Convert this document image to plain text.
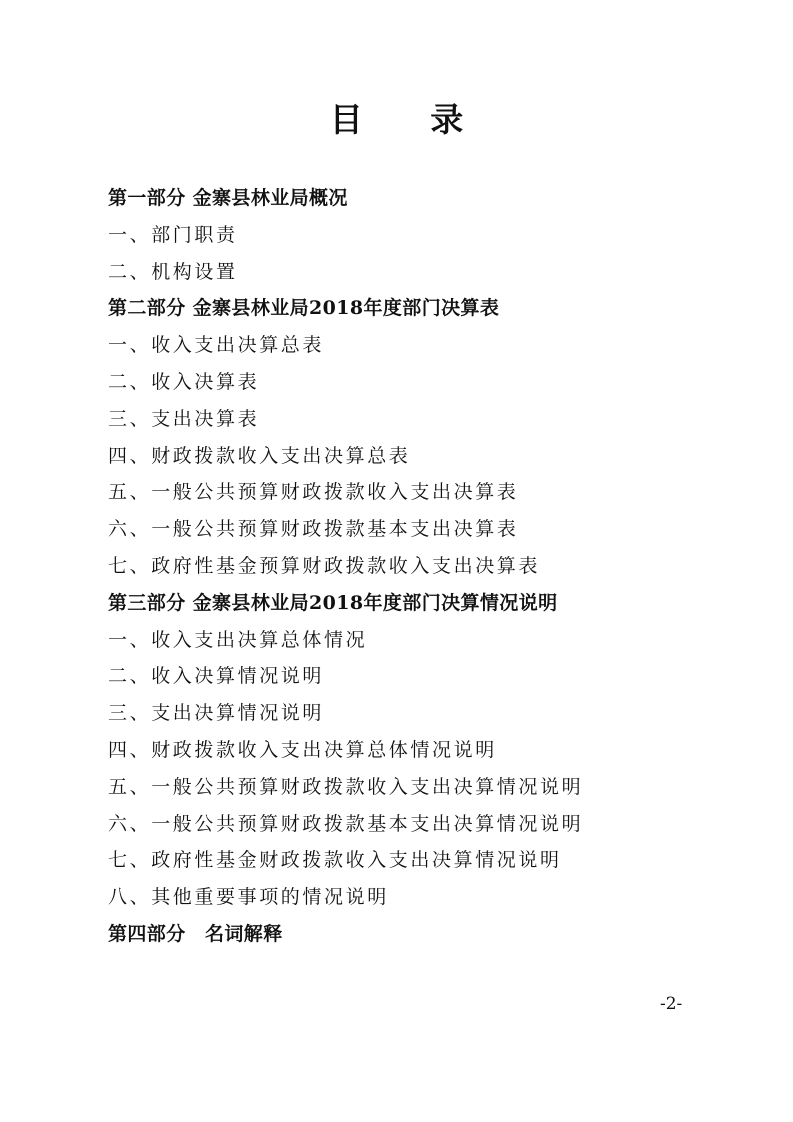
目 录
第一部分 金寨县林业局概况
一、部门职责
二、机构设置
第二部分 金寨县林业局2018年度部门决算表
一、收入支出决算总表
二、收入决算表
三、支出决算表
四、财政拨款收入支出决算总表
五、一般公共预算财政拨款收入支出决算表
六、一般公共预算财政拨款基本支出决算表
七、政府性基金预算财政拨款收入支出决算表
第三部分 金寨县林业局2018年度部门决算情况说明
一、收入支出决算总体情况
二、收入决算情况说明
三、支出决算情况说明
四、财政拨款收入支出决算总体情况说明
五、一般公共预算财政拨款收入支出决算情况说明
六、一般公共预算财政拨款基本支出决算情况说明
七、政府性基金财政拨款收入支出决算情况说明
八、其他重要事项的情况说明
第四部分　名词解释
-2-
